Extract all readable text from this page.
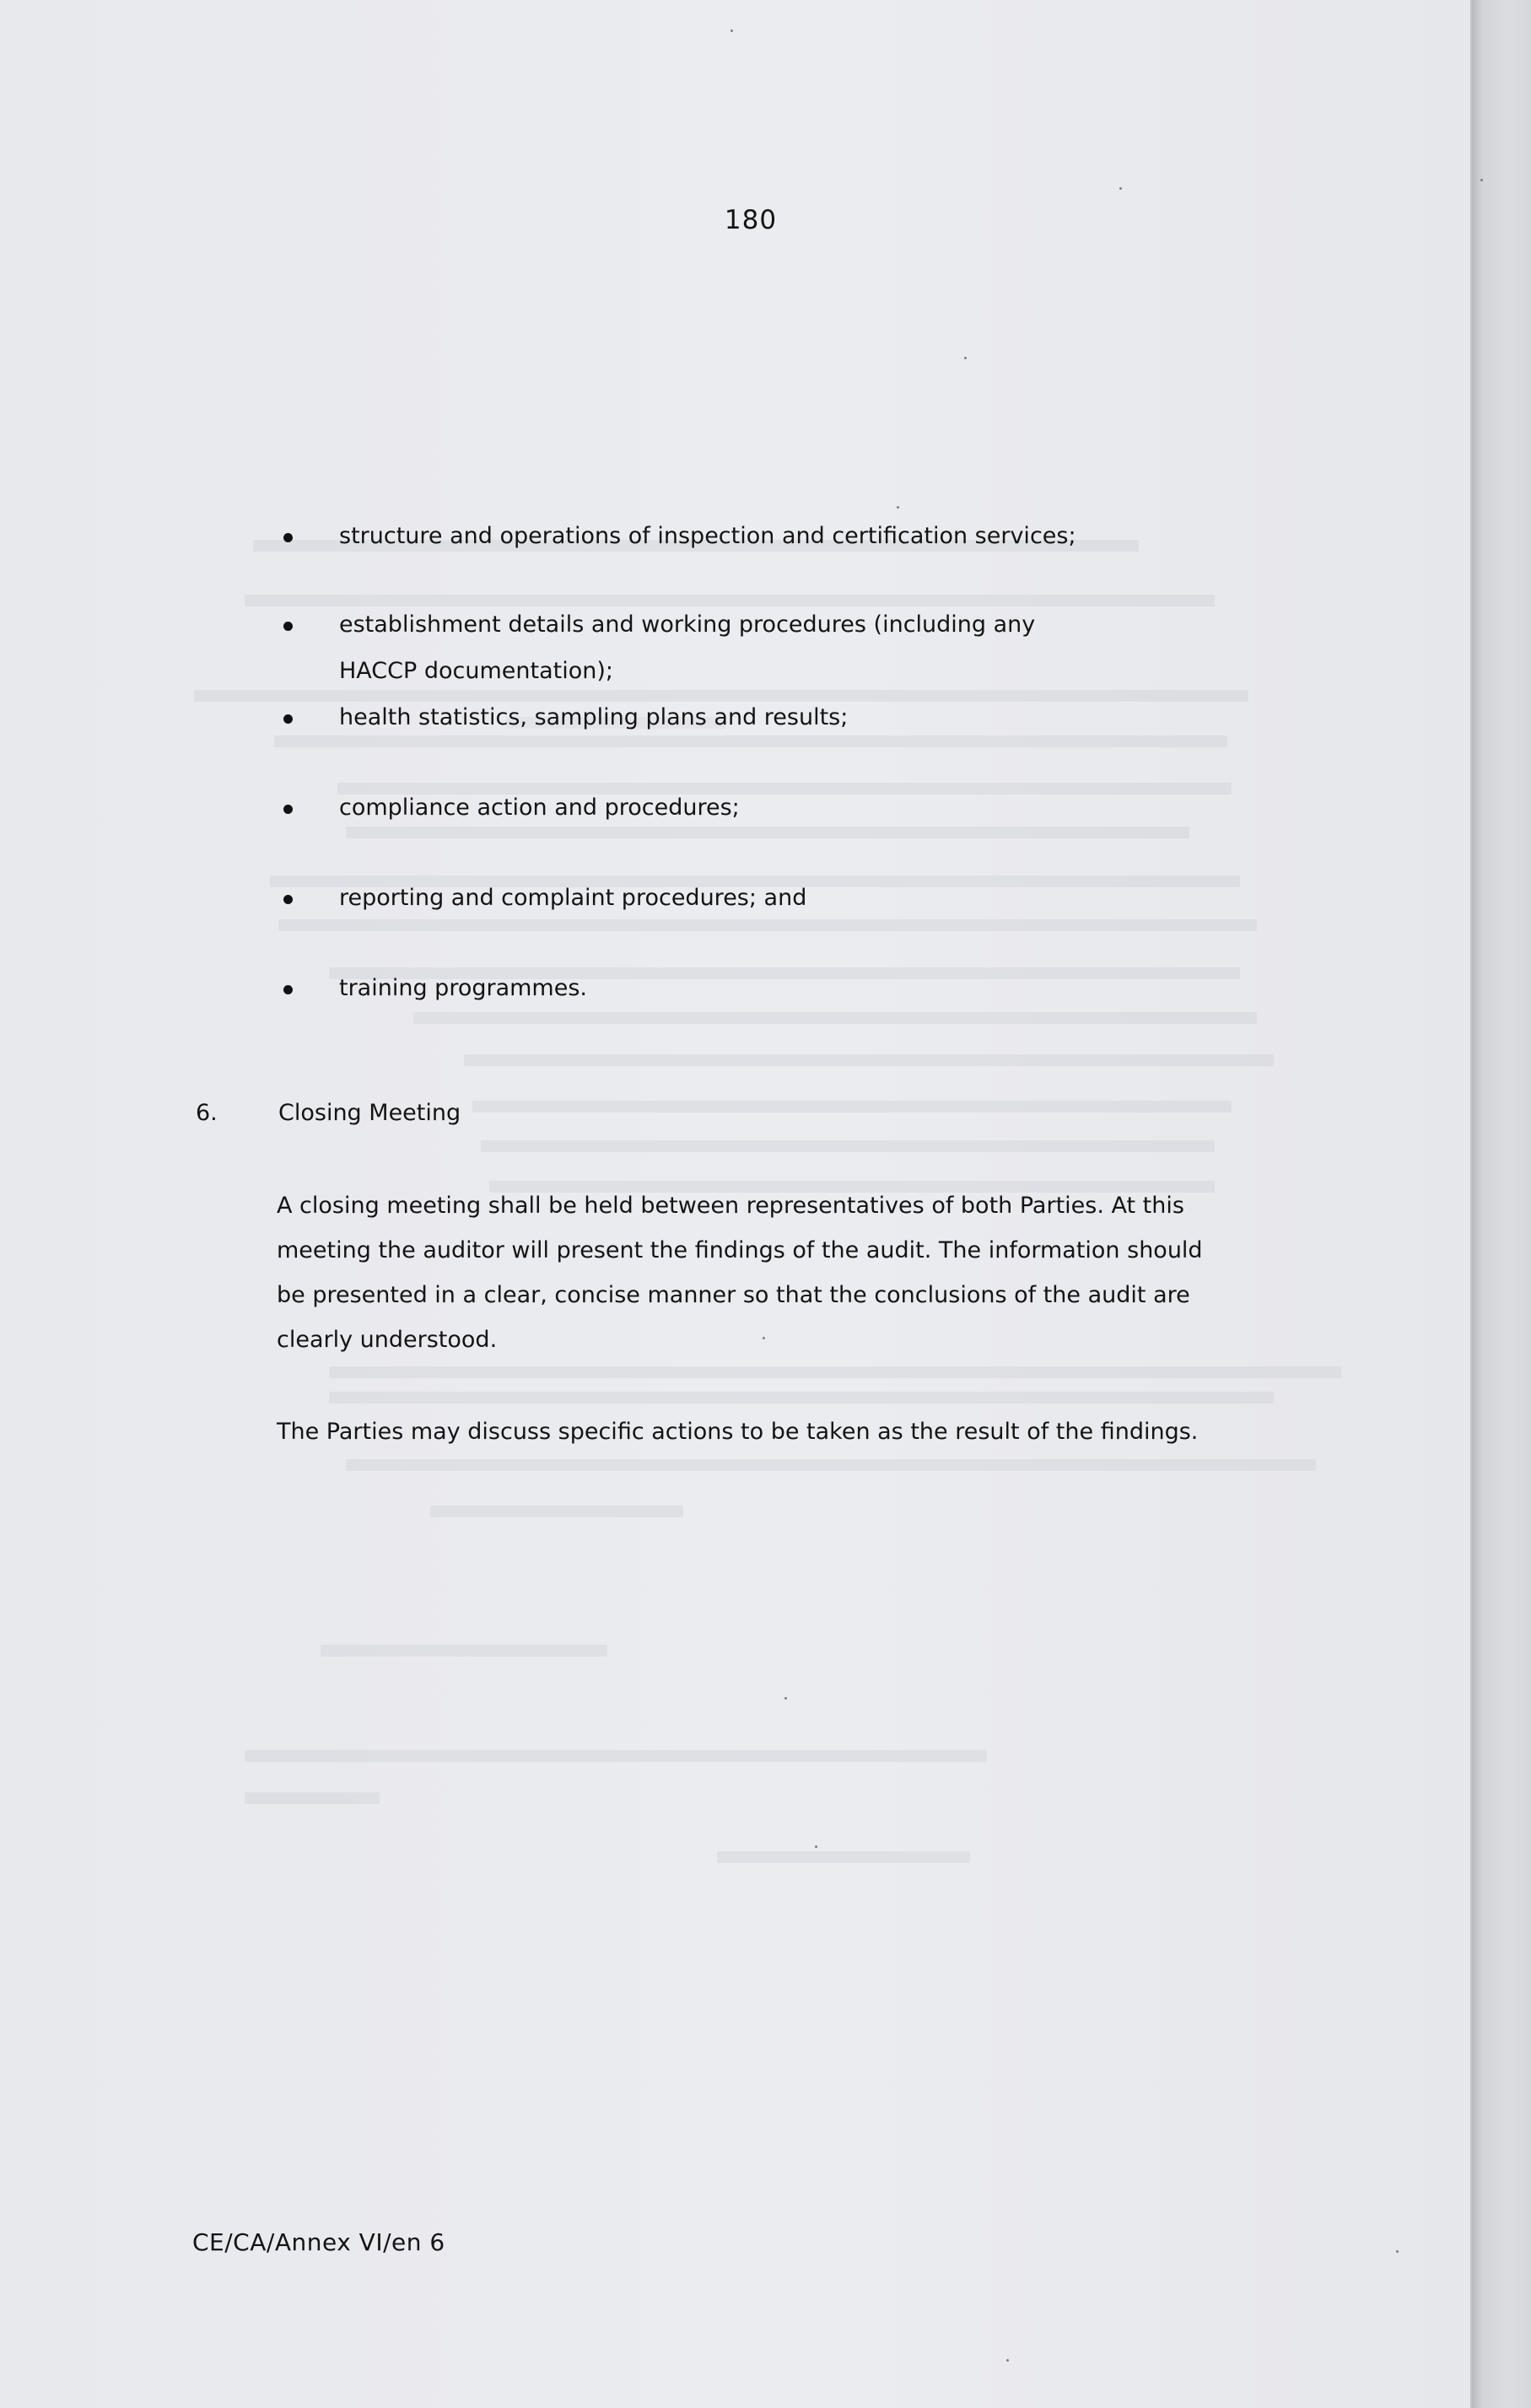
180
structure and operations of inspection and certification services;
establishment details and working procedures (including any
HACCP documentation);
health statistics, sampling plans and results;
compliance action and procedures;
reporting and complaint procedures; and
training programmes.
6.	Closing Meeting

A closing meeting shall be held between representatives of both Parties. At this
meeting the auditor will present the findings of the audit. The information should
be presented in a clear, concise manner so that the conclusions of the audit are
clearly understood.

The Parties may discuss specific actions to be taken as the result of the findings.

CE/CA/Annex VI/en 6
